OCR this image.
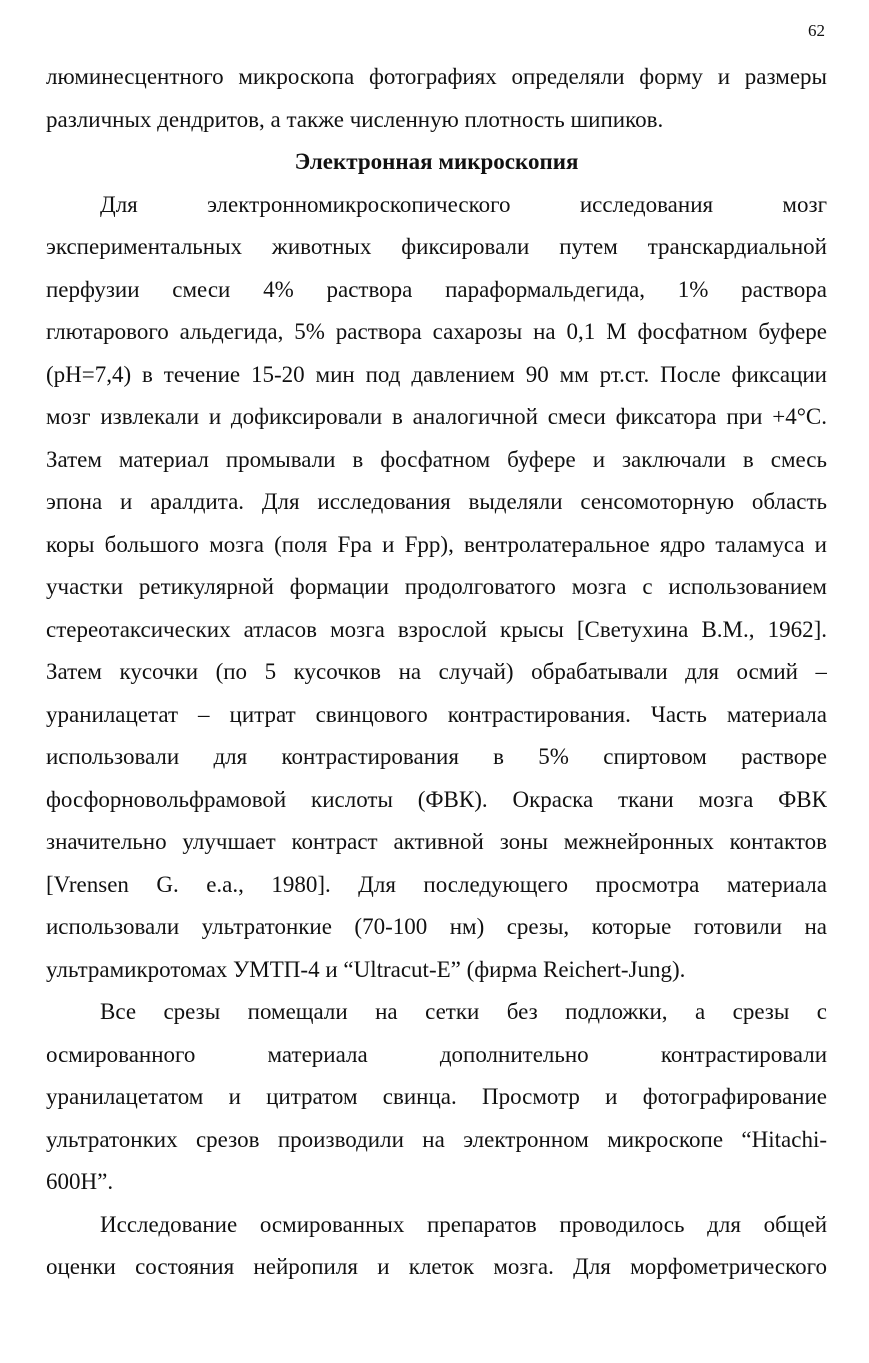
62
люминесцентного микроскопа фотографиях определяли форму и размеры
различных дендритов, а также численную плотность шипиков.
Электронная микроскопия
Для электронномикроскопического исследования мозг
экспериментальных животных фиксировали путем транскардиальной
перфузии смеси 4% раствора параформальдегида, 1% раствора
глютарового альдегида, 5% раствора сахарозы на 0,1 М фосфатном буфере
(pH=7,4) в течение 15-20 мин под давлением 90 мм рт.ст. После фиксации
мозг извлекали и дофиксировали в аналогичной смеси фиксатора при +4°С.
Затем материал промывали в фосфатном буфере и заключали в смесь
эпона и аралдита. Для исследования выделяли сенсомоторную область
коры большого мозга (поля Fpa и Fpp), вентролатеральное ядро таламуса и
участки ретикулярной формации продолговатого мозга с использованием
стереотаксических атласов мозга взрослой крысы [Светухина В.М., 1962].
Затем кусочки (по 5 кусочков на случай) обрабатывали для осмий –
уранилацетат – цитрат свинцового контрастирования. Часть материала
использовали для контрастирования в 5% спиртовом растворе
фосфорновольфрамовой кислоты (ФВК). Окраска ткани мозга ФВК
значительно улучшает контраст активной зоны межнейронных контактов
[Vrensen G. e.a., 1980]. Для последующего просмотра материала
использовали ультратонкие (70-100 нм) срезы, которые готовили на
ультрамикротомах УМТП-4 и “Ultracut-E” (фирма Reichert-Jung).
Все срезы помещали на сетки без подложки, а срезы с
осмированного материала дополнительно контрастировали
уранилацетатом и цитратом свинца. Просмотр и фотографирование
ультратонких срезов производили на электронном микроскопе “Hitachi-
600H”.
Исследование осмированных препаратов проводилось для общей
оценки состояния нейропиля и клеток мозга. Для морфометрического
